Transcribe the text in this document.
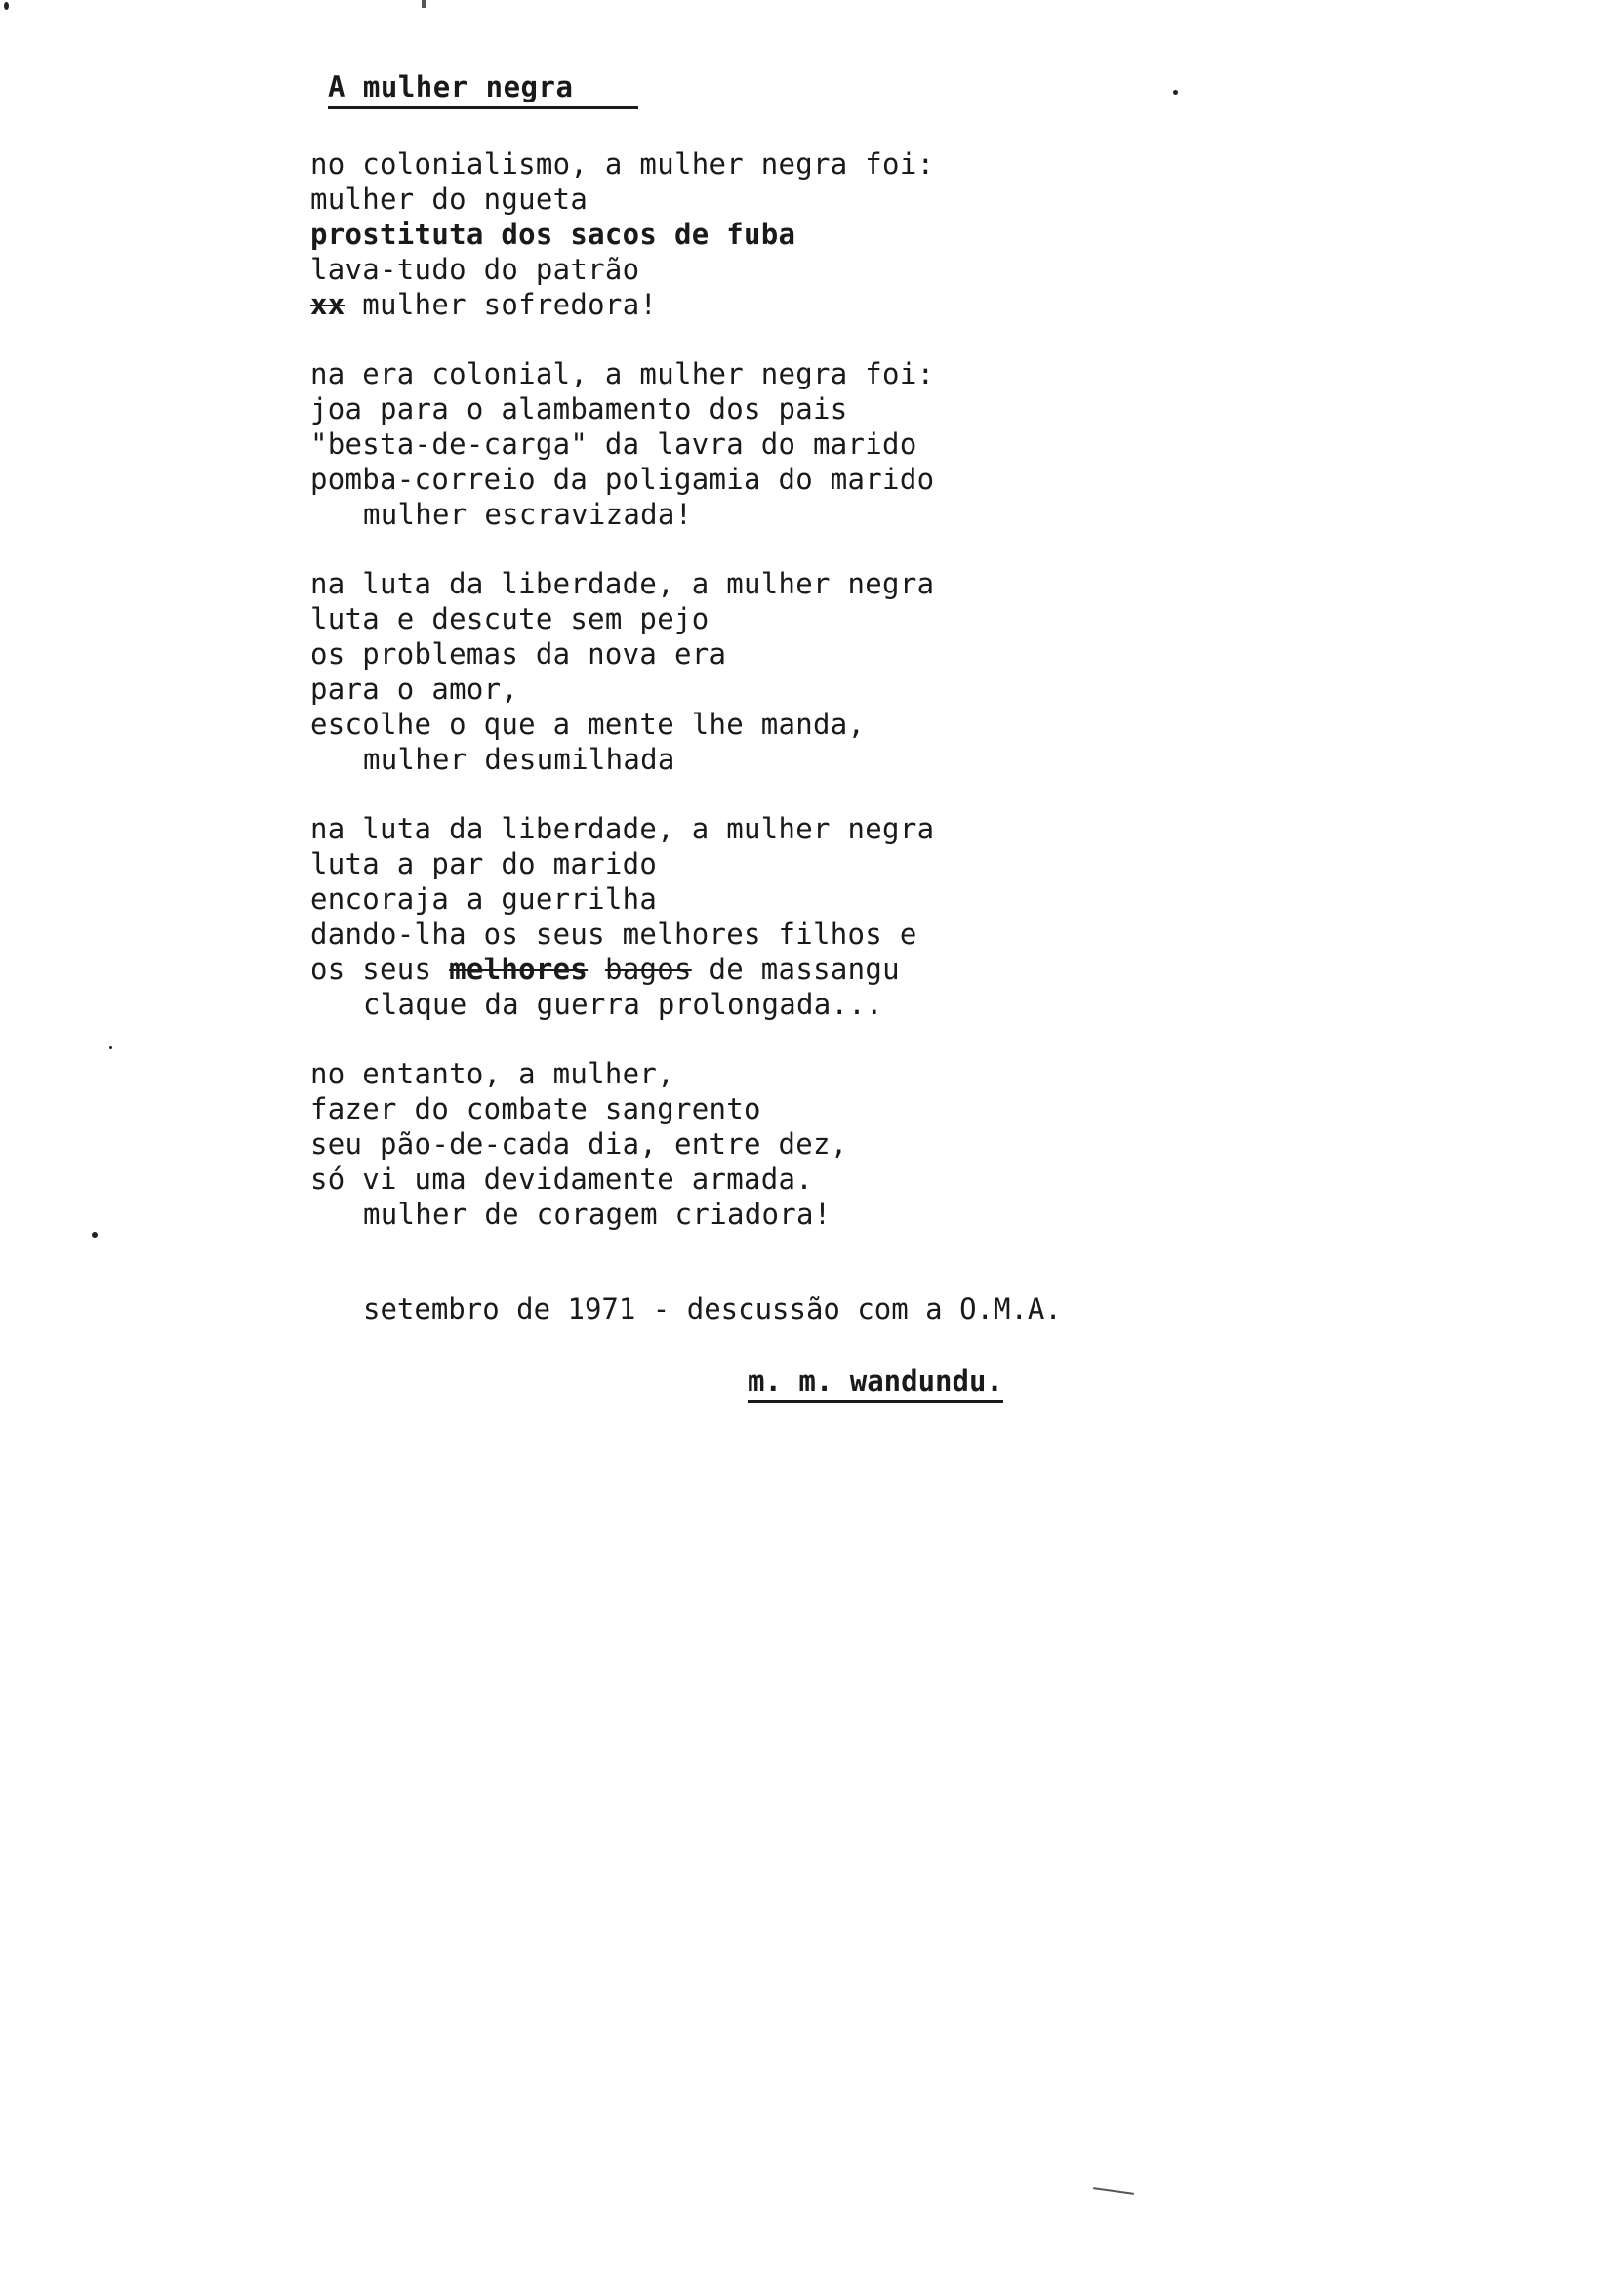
A mulher negra
no colonialismo, a mulher negra foi:
mulher do ngueta
prostituta dos sacos de fuba
lava-tudo do patrão
xx mulher sofredora!
na era colonial, a mulher negra foi:
joa para o alambamento dos pais
"besta-de-carga" da lavra do marido
pomba-correio da poligamia do marido
mulher escravizada!
na luta da liberdade, a mulher negra
luta e descute sem pejo
os problemas da nova era
para o amor,
escolhe o que a mente lhe manda,
mulher desumilhada
na luta da liberdade, a mulher negra
luta a par do marido
encoraja a guerrilha
dando-lha os seus melhores filhos e
os seus melhores bagos de massangu
claque da guerra prolongada...
no entanto, a mulher,
fazer do combate sangrento
seu pão-de-cada dia, entre dez,
só vi uma devidamente armada.
mulher de coragem criadora!
setembro de 1971 - descussão com a O.M.A.
m. m. wandundu.
